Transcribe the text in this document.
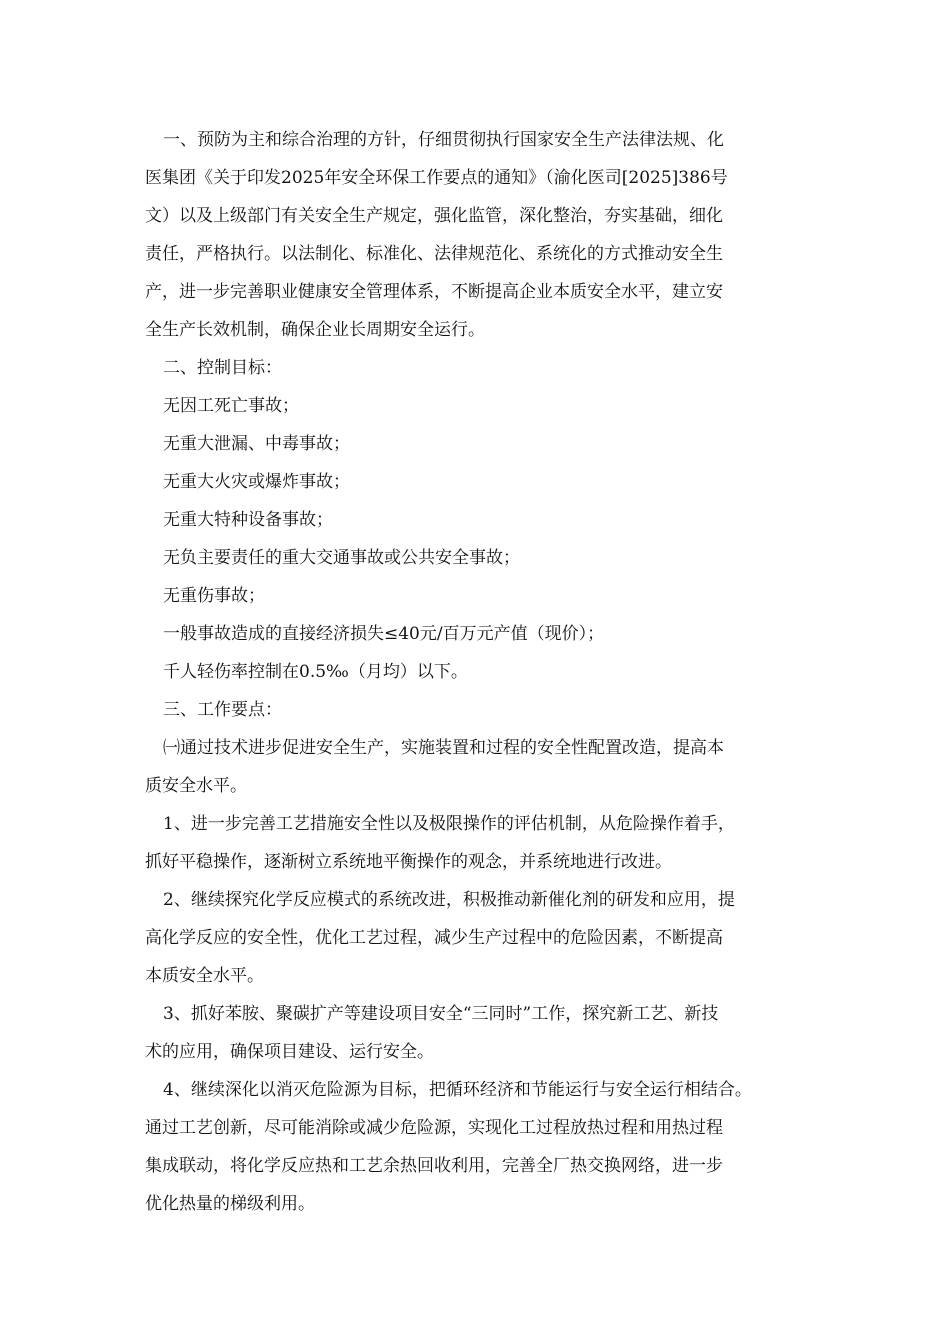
一、预防为主和综合治理的方针，仔细贯彻执行国家安全生产法律法规、化
医集团《关于印发2025年安全环保工作要点的通知》（渝化医司[2025]386号
文）以及上级部门有关安全生产规定，强化监管，深化整治，夯实基础，细化
责任，严格执行。以法制化、标准化、法律规范化、系统化的方式推动安全生
产，进一步完善职业健康安全管理体系，不断提高企业本质安全水平，建立安
全生产长效机制，确保企业长周期安全运行。
二、控制目标：
无因工死亡事故；
无重大泄漏、中毒事故；
无重大火灾或爆炸事故；
无重大特种设备事故；
无负主要责任的重大交通事故或公共安全事故；
无重伤事故；
一般事故造成的直接经济损失≤40元/百万元产值（现价）；
千人轻伤率控制在0.5‰（月均）以下。
三、工作要点：
㈠通过技术进步促进安全生产，实施装置和过程的安全性配置改造，提高本
质安全水平。
1、进一步完善工艺措施安全性以及极限操作的评估机制，从危险操作着手，
抓好平稳操作，逐渐树立系统地平衡操作的观念，并系统地进行改进。
2、继续探究化学反应模式的系统改进，积极推动新催化剂的研发和应用，提
高化学反应的安全性，优化工艺过程，减少生产过程中的危险因素，不断提高
本质安全水平。
3、抓好苯胺、聚碳扩产等建设项目安全“三同时”工作，探究新工艺、新技
术的应用，确保项目建设、运行安全。
4、继续深化以消灭危险源为目标，把循环经济和节能运行与安全运行相结合。
通过工艺创新，尽可能消除或减少危险源，实现化工过程放热过程和用热过程
集成联动，将化学反应热和工艺余热回收利用，完善全厂热交换网络，进一步
优化热量的梯级利用。
